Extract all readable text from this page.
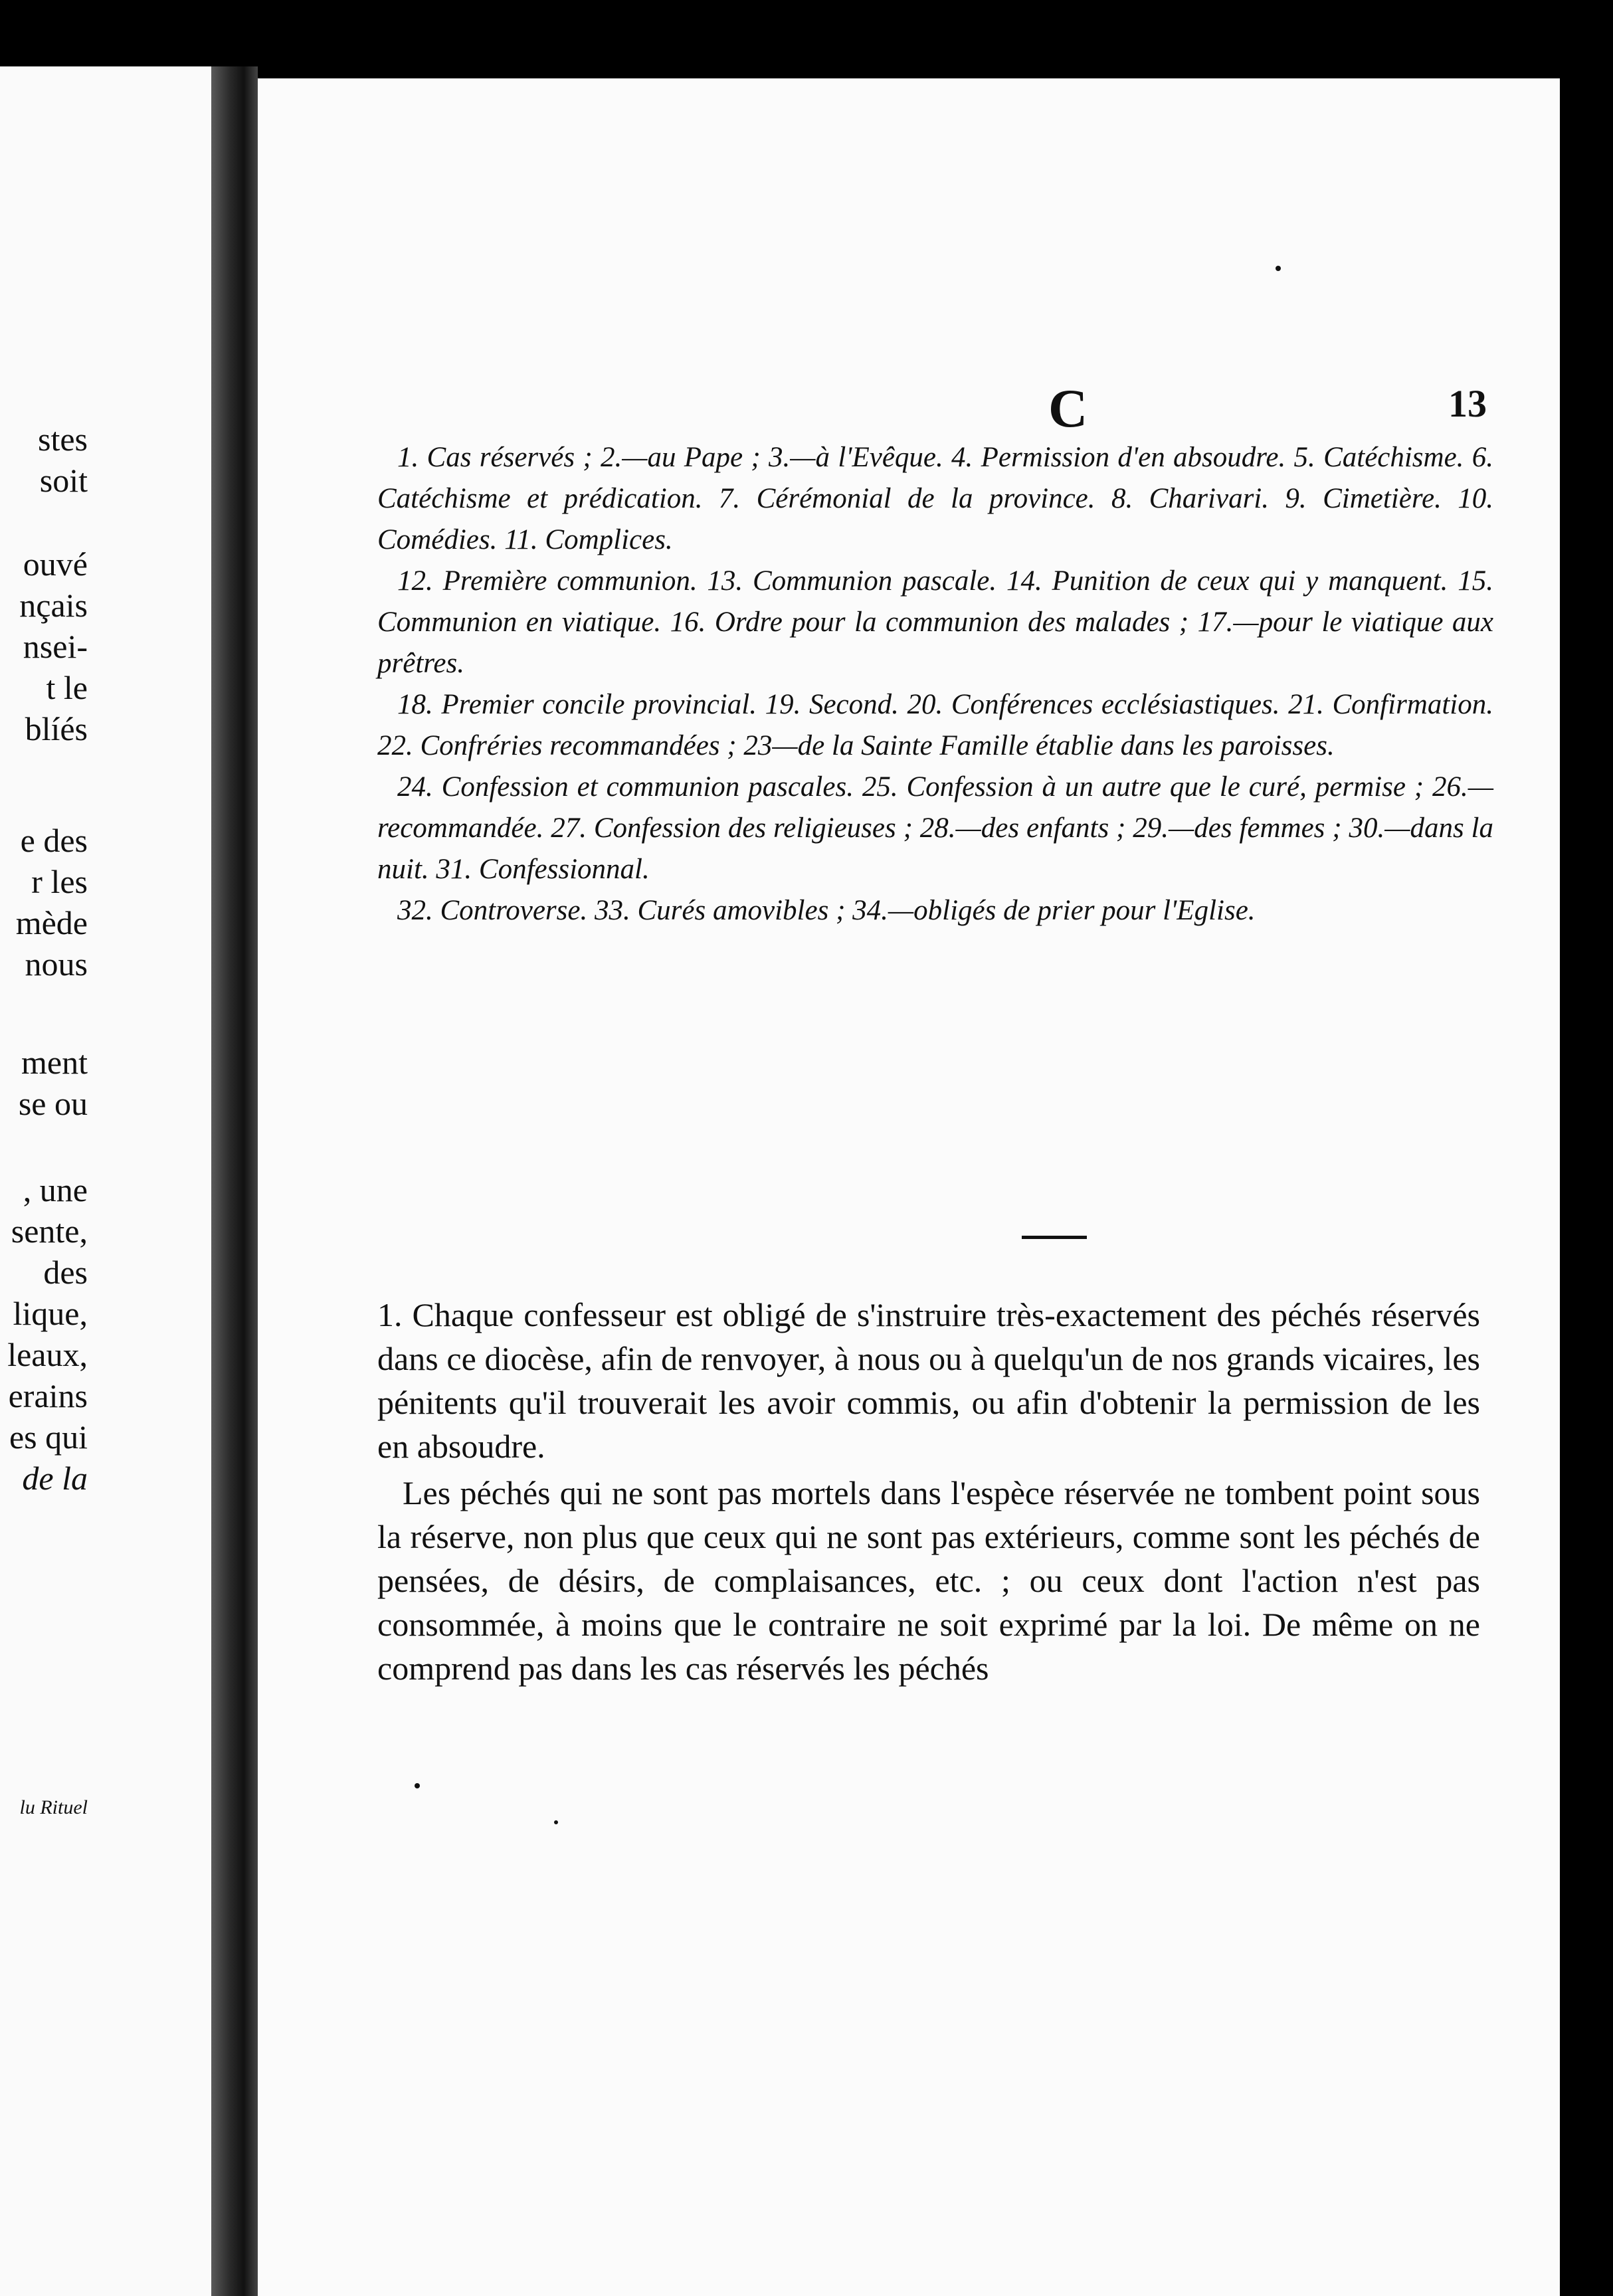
stes
soit
ouvé
nçais
nsei-
t le
blíés
e des
r les
mède
nous
ment
se ou
, une
sente,
des
lique,
leaux,
erains
es qui
de la
lu Rituel
C	13

1. Cas réservés ; 2.—au Pape ; 3.—à l'Evêque. 4. Permission d'en absoudre. 5. Catéchisme. 6. Catéchisme et prédication. 7. Cérémonial de la province. 8. Charivari. 9. Cimetière. 10. Comédies. 11. Complices.

12. Première communion. 13. Communion pascale. 14. Punition de ceux qui y manquent. 15. Communion en viatique. 16. Ordre pour la communion des malades ; 17.—pour le viatique aux prêtres.

18. Premier concile provincial. 19. Second. 20. Conférences ecclésiastiques. 21. Confirmation. 22. Confréries recommandées ; 23—de la Sainte Famille établie dans les paroisses.

24. Confession et communion pascales. 25. Confession à un autre que le curé, permise ; 26.—recommandée. 27. Confession des religieuses ; 28.—des enfants ; 29.—des femmes ; 30.—dans la nuit. 31. Confessionnal.

32. Controverse. 33. Curés amovibles ; 34.—obligés de prier pour l'Eglise.

1. Chaque confesseur est obligé de s'instruire très-exactement des péchés réservés dans ce diocèse, afin de renvoyer, à nous ou à quelqu'un de nos grands vicaires, les pénitents qu'il trouverait les avoir commis, ou afin d'obtenir la permission de les en absoudre.

Les péchés qui ne sont pas mortels dans l'espèce réservée ne tombent point sous la réserve, non plus que ceux qui ne sont pas extérieurs, comme sont les péchés de pensées, de désirs, de complaisances, etc. ; ou ceux dont l'action n'est pas consommée, à moins que le contraire ne soit exprimé par la loi. De même on ne comprend pas dans les cas réservés les péchés
